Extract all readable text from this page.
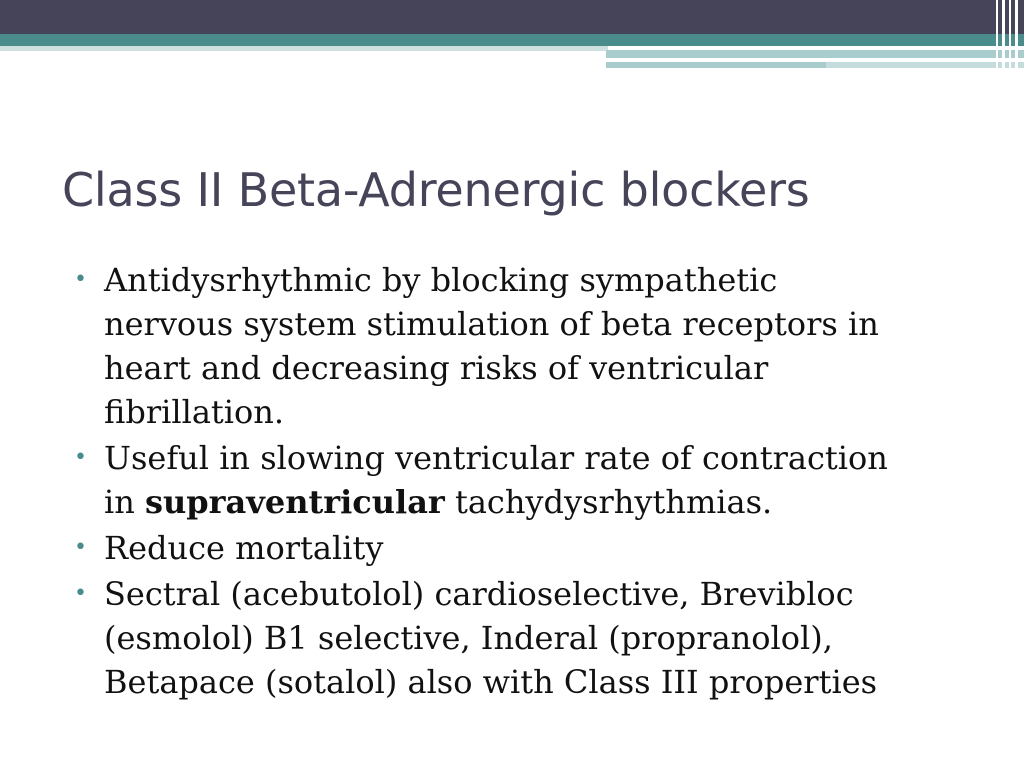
Class II Beta-Adrenergic blockers
• Antidysrhythmic by blocking sympathetic
nervous system stimulation of beta receptors in
heart and decreasing risks of ventricular
fibrillation.
• Useful in slowing ventricular rate of contraction
in supraventricular tachydysrhythmias.
• Reduce mortality
• Sectral (acebutolol) cardioselective, Brevibloc
(esmolol) B1 selective, Inderal (propranolol),
Betapace (sotalol) also with Class III properties
